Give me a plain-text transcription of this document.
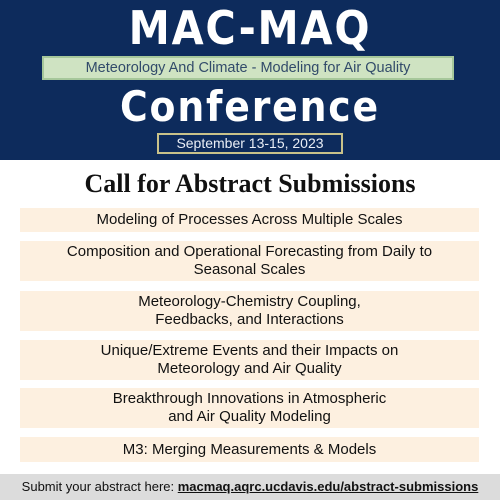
MAC-MAQ
Meteorology And Climate - Modeling for Air Quality
Conference
September 13-15, 2023
Call for Abstract Submissions
Modeling of Processes Across Multiple Scales
Composition and Operational Forecasting from Daily to
Seasonal Scales
Meteorology-Chemistry Coupling,
Feedbacks, and Interactions
Unique/Extreme Events and their Impacts on
Meteorology and Air Quality
Breakthrough Innovations in Atmospheric
and Air Quality Modeling
M3: Merging Measurements & Models
Submit your abstract here: macmaq.aqrc.ucdavis.edu/abstract-submissions
